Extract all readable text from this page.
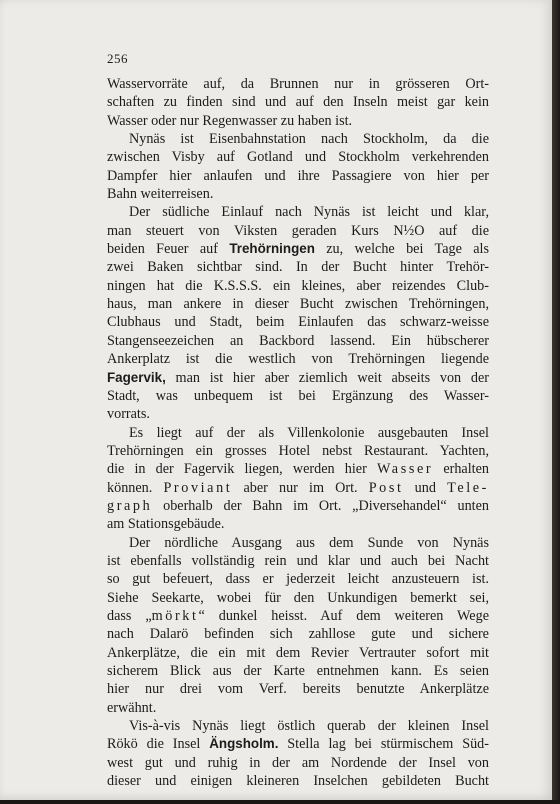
256
Wasservorräte auf, da Brunnen nur in grösseren Ort-
schaften zu finden sind und auf den Inseln meist gar kein
Wasser oder nur Regenwasser zu haben ist.
Nynäs ist Eisenbahnstation nach Stockholm, da die
zwischen Visby auf Gotland und Stockholm verkehrenden
Dampfer hier anlaufen und ihre Passagiere von hier per
Bahn weiterreisen.
Der südliche Einlauf nach Nynäs ist leicht und klar,
man steuert von Viksten geraden Kurs N½O auf die
beiden Feuer auf Trehörningen zu, welche bei Tage als
zwei Baken sichtbar sind. In der Bucht hinter Trehör-
ningen hat die K.S.S.S. ein kleines, aber reizendes Club-
haus, man ankere in dieser Bucht zwischen Trehörningen,
Clubhaus und Stadt, beim Einlaufen das schwarz-weisse
Stangenseezeichen an Backbord lassend. Ein hübscherer
Ankerplatz ist die westlich von Trehörningen liegende
Fagervik, man ist hier aber ziemlich weit abseits von der
Stadt, was unbequem ist bei Ergänzung des Wasser-
vorrats.
Es liegt auf der als Villenkolonie ausgebauten Insel
Trehörningen ein grosses Hotel nebst Restaurant. Yachten,
die in der Fagervik liegen, werden hier Wasser erhalten
können. Proviant aber nur im Ort. Post und Tele-
graph oberhalb der Bahn im Ort. „Diversehandel“ unten
am Stationsgebäude.
Der nördliche Ausgang aus dem Sunde von Nynäs
ist ebenfalls vollständig rein und klar und auch bei Nacht
so gut befeuert, dass er jederzeit leicht anzusteuern ist.
Siehe Seekarte, wobei für den Unkundigen bemerkt sei,
dass „mörkt“ dunkel heisst. Auf dem weiteren Wege
nach Dalarö befinden sich zahllose gute und sichere
Ankerplätze, die ein mit dem Revier Vertrauter sofort mit
sicherem Blick aus der Karte entnehmen kann. Es seien
hier nur drei vom Verf. bereits benutzte Ankerplätze
erwähnt.
Vis-à-vis Nynäs liegt östlich querab der kleinen Insel
Rökö die Insel Ängsholm. Stella lag bei stürmischem Süd-
west gut und ruhig in der am Nordende der Insel von
dieser und einigen kleineren Inselchen gebildeten Bucht
